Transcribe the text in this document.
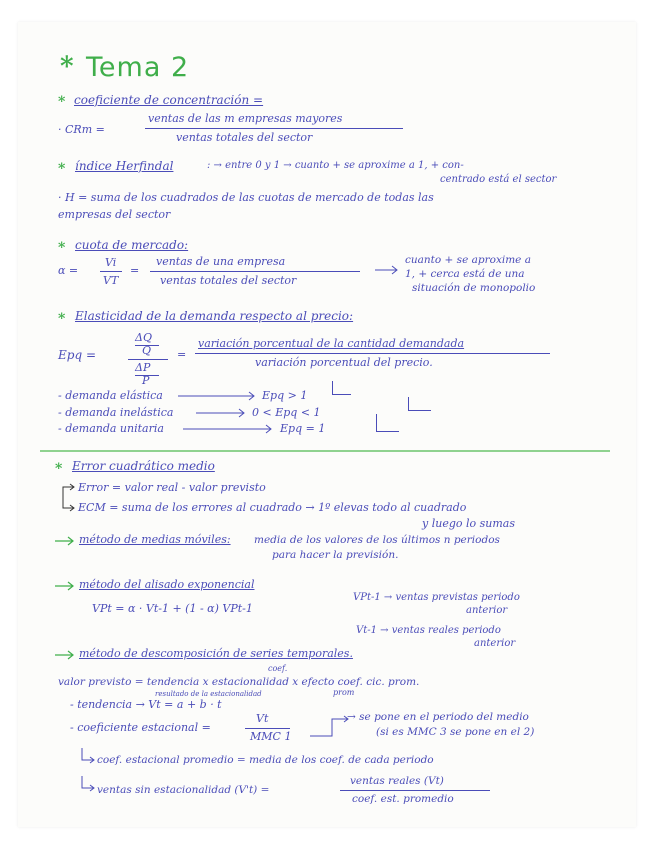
* Tema 2
* coeficiente de concentración =
· CRm =
ventas de las m empresas mayores
ventas totales del sector
* índice Herfindal	: → entre 0 y 1 → cuanto + se aproxime a 1, + con-
centrado está el sector
· H = suma de los cuadrados de las cuotas de mercado de todas las
empresas del sector
* cuota de mercado:
α =
Vi
VT
=
ventas de una empresa
ventas totales del sector
cuanto + se aproxime a
1, + cerca está de una
situación de monopolio
* Elasticidad de la demanda respecto al precio:
Epq =
ΔQ
Q
ΔP
P
=
variación porcentual de la cantidad demandada
variación porcentual del precio.
- demanda elástica	Epq > 1
- demanda inelástica	0 < Epq < 1
- demanda unitaria	Epq = 1
* Error cuadrático medio
Error = valor real - valor previsto
ECM = suma de los errores al cuadrado → 1º elevas todo al cuadrado
y luego lo sumas
método de medias móviles: media de los valores de los últimos n periodos
para hacer la previsión.
método del alisado exponencial
VPt = α · Vt-1 + (1 - α) VPt-1
VPt-1 → ventas previstas periodo
anterior
Vt-1 → ventas reales periodo
anterior
método de descomposición de series temporales.
coef.
valor previsto = tendencia x estacionalidad x efecto coef. cic. prom.
resultado de la estacionalidad	prom
- tendencia → Vt = a + b · t
- coeficiente estacional =
Vt
MMC 1
→ se pone en el periodo del medio
(si es MMC 3 se pone en el 2)
coef. estacional promedio = media de los coef. de cada periodo
ventas sin estacionalidad (V't) =
ventas reales (Vt)
coef. est. promedio
